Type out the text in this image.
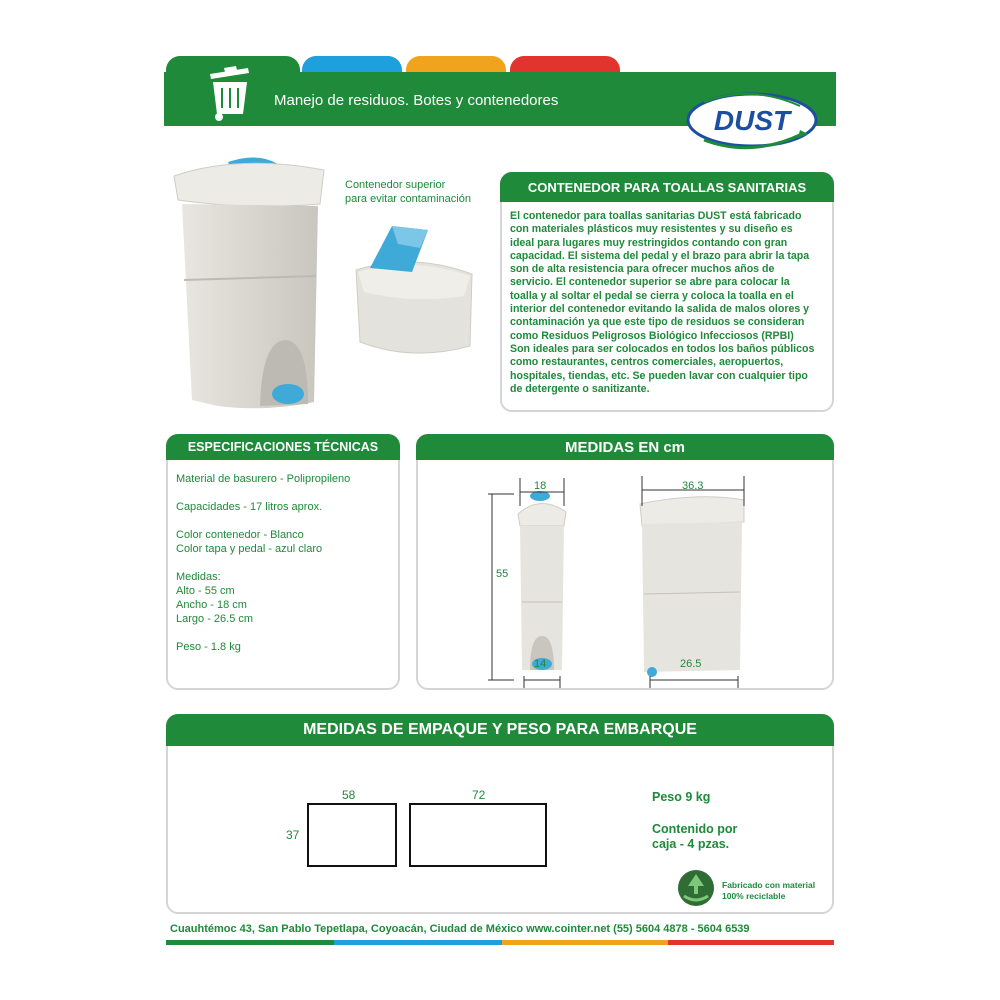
Manejo de residuos. Botes y contenedores
DUST
Contenedor superior
para evitar contaminación
CONTENEDOR PARA TOALLAS SANITARIAS
El contenedor para toallas sanitarias DUST está fabricado
con materiales plásticos muy resistentes y su diseño es
ideal para lugares muy restringidos contando con gran
capacidad. El sistema del pedal y el brazo para abrir la tapa
son de alta resistencia para ofrecer muchos años de
servicio. El contenedor superior se abre para colocar la
toalla y al soltar el pedal se cierra y coloca la toalla en el
interior del contenedor evitando la salida de malos olores y
contaminación ya que este tipo de residuos se consideran
como Residuos Peligrosos Biológico Infecciosos (RPBI)
Son ideales para ser colocados en todos los baños públicos
como restaurantes, centros comerciales, aeropuertos,
hospitales, tiendas, etc. Se pueden lavar con cualquier tipo
de detergente o sanitizante.
ESPECIFICACIONES TÉCNICAS

Material de basurero - Polipropileno

Capacidades - 17 litros aprox.

Color contenedor - Blanco
Color tapa y pedal - azul claro

Medidas:
Alto - 55 cm
Ancho - 18 cm
Largo - 26.5 cm

Peso - 1.8 kg

MEDIDAS EN cm
18
55
14
36.3
26.5
MEDIDAS DE EMPAQUE Y PESO PARA EMBARQUE
58	72
37
Peso 9 kg
Contenido por
caja - 4 pzas.
Fabricado con material
100% reciclable
Cuauhtémoc 43, San Pablo Tepetlapa, Coyoacán, Ciudad de México www.cointer.net (55) 5604 4878 - 5604 6539
